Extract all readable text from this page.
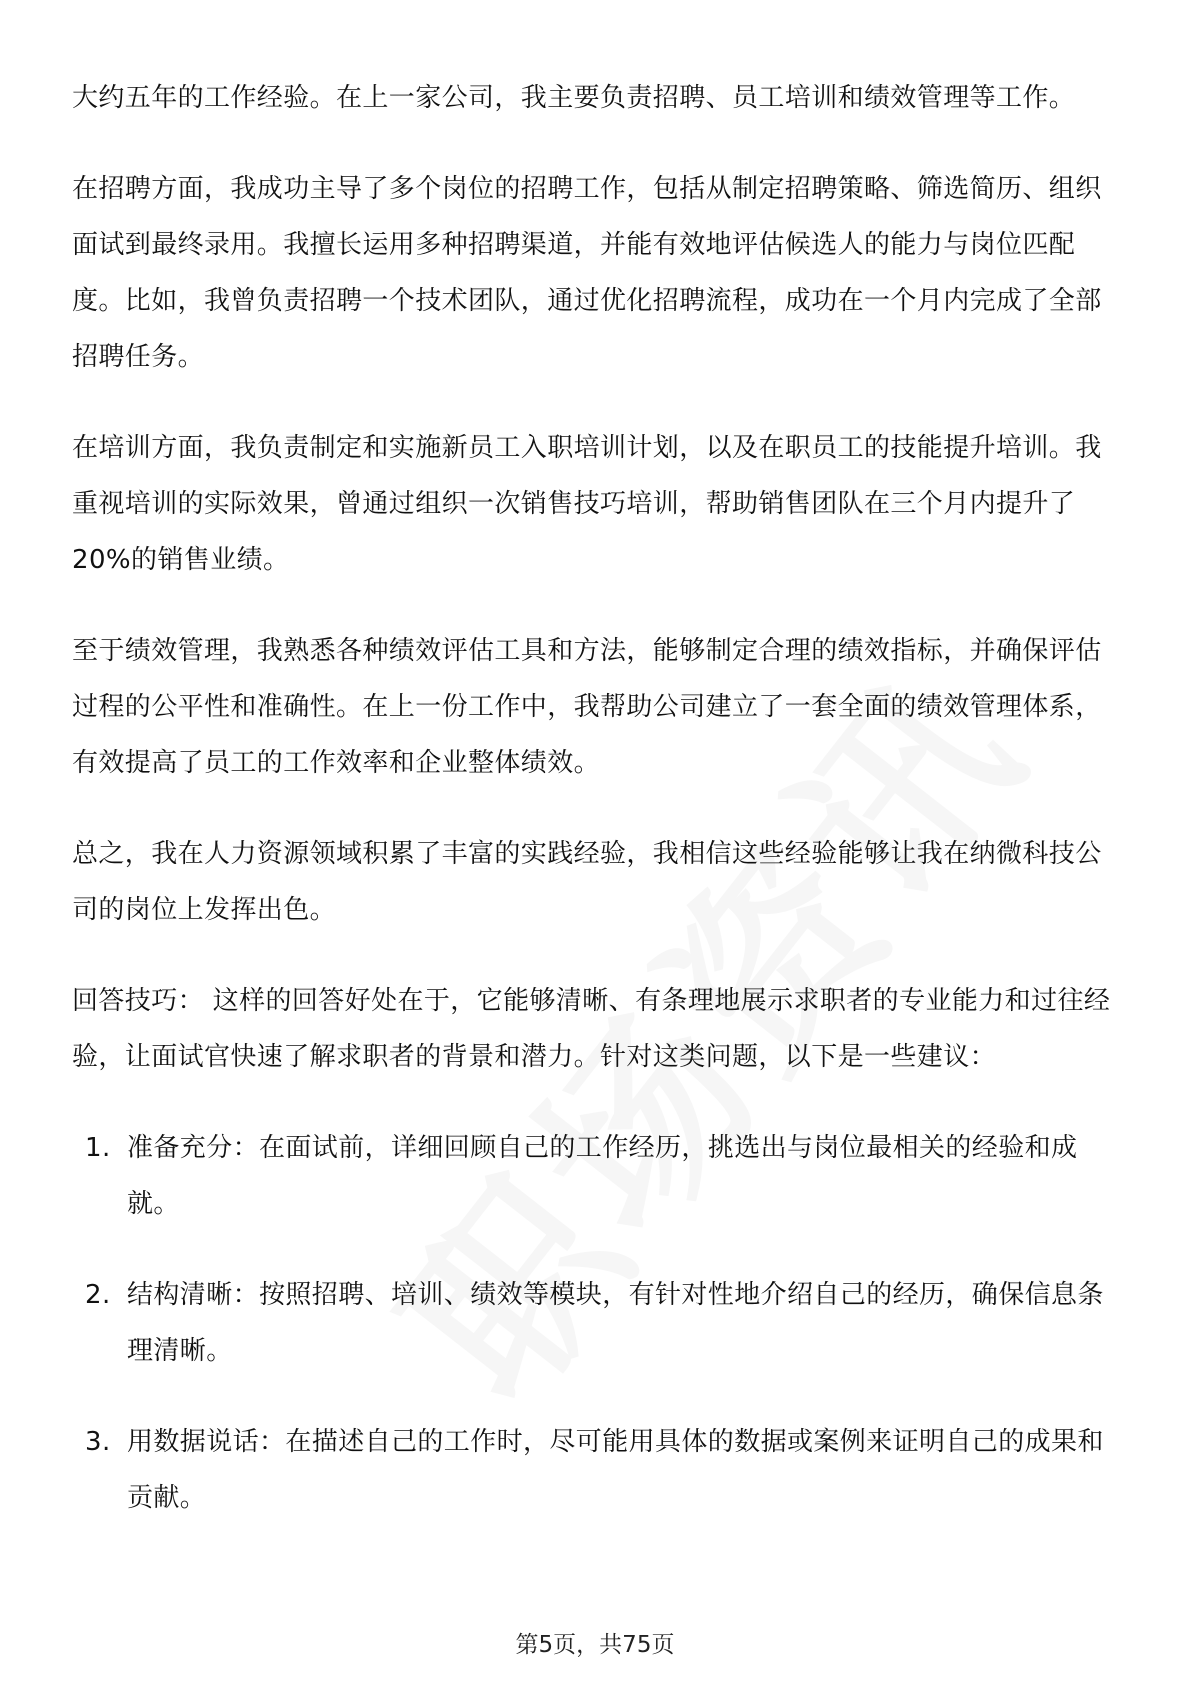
大约五年的工作经验。在上一家公司，我主要负责招聘、员工培训和绩效管理等工作。

在招聘方面，我成功主导了多个岗位的招聘工作，包括从制定招聘策略、筛选简历、组织面试到最终录用。我擅长运用多种招聘渠道，并能有效地评估候选人的能力与岗位匹配度。比如，我曾负责招聘一个技术团队，通过优化招聘流程，成功在一个月内完成了全部招聘任务。

在培训方面，我负责制定和实施新员工入职培训计划，以及在职员工的技能提升培训。我重视培训的实际效果，曾通过组织一次销售技巧培训，帮助销售团队在三个月内提升了20%的销售业绩。

至于绩效管理，我熟悉各种绩效评估工具和方法，能够制定合理的绩效指标，并确保评估过程的公平性和准确性。在上一份工作中，我帮助公司建立了一套全面的绩效管理体系，有效提高了员工的工作效率和企业整体绩效。

总之，我在人力资源领域积累了丰富的实践经验，我相信这些经验能够让我在纳微科技公司的岗位上发挥出色。

回答技巧： 这样的回答好处在于，它能够清晰、有条理地展示求职者的专业能力和过往经验，让面试官快速了解求职者的背景和潜力。针对这类问题，以下是一些建议：

1. 准备充分：在面试前，详细回顾自己的工作经历，挑选出与岗位最相关的经验和成就。
2. 结构清晰：按照招聘、培训、绩效等模块，有针对性地介绍自己的经历，确保信息条理清晰。
3. 用数据说话：在描述自己的工作时，尽可能用具体的数据或案例来证明自己的成果和贡献。
第5页，共75页
